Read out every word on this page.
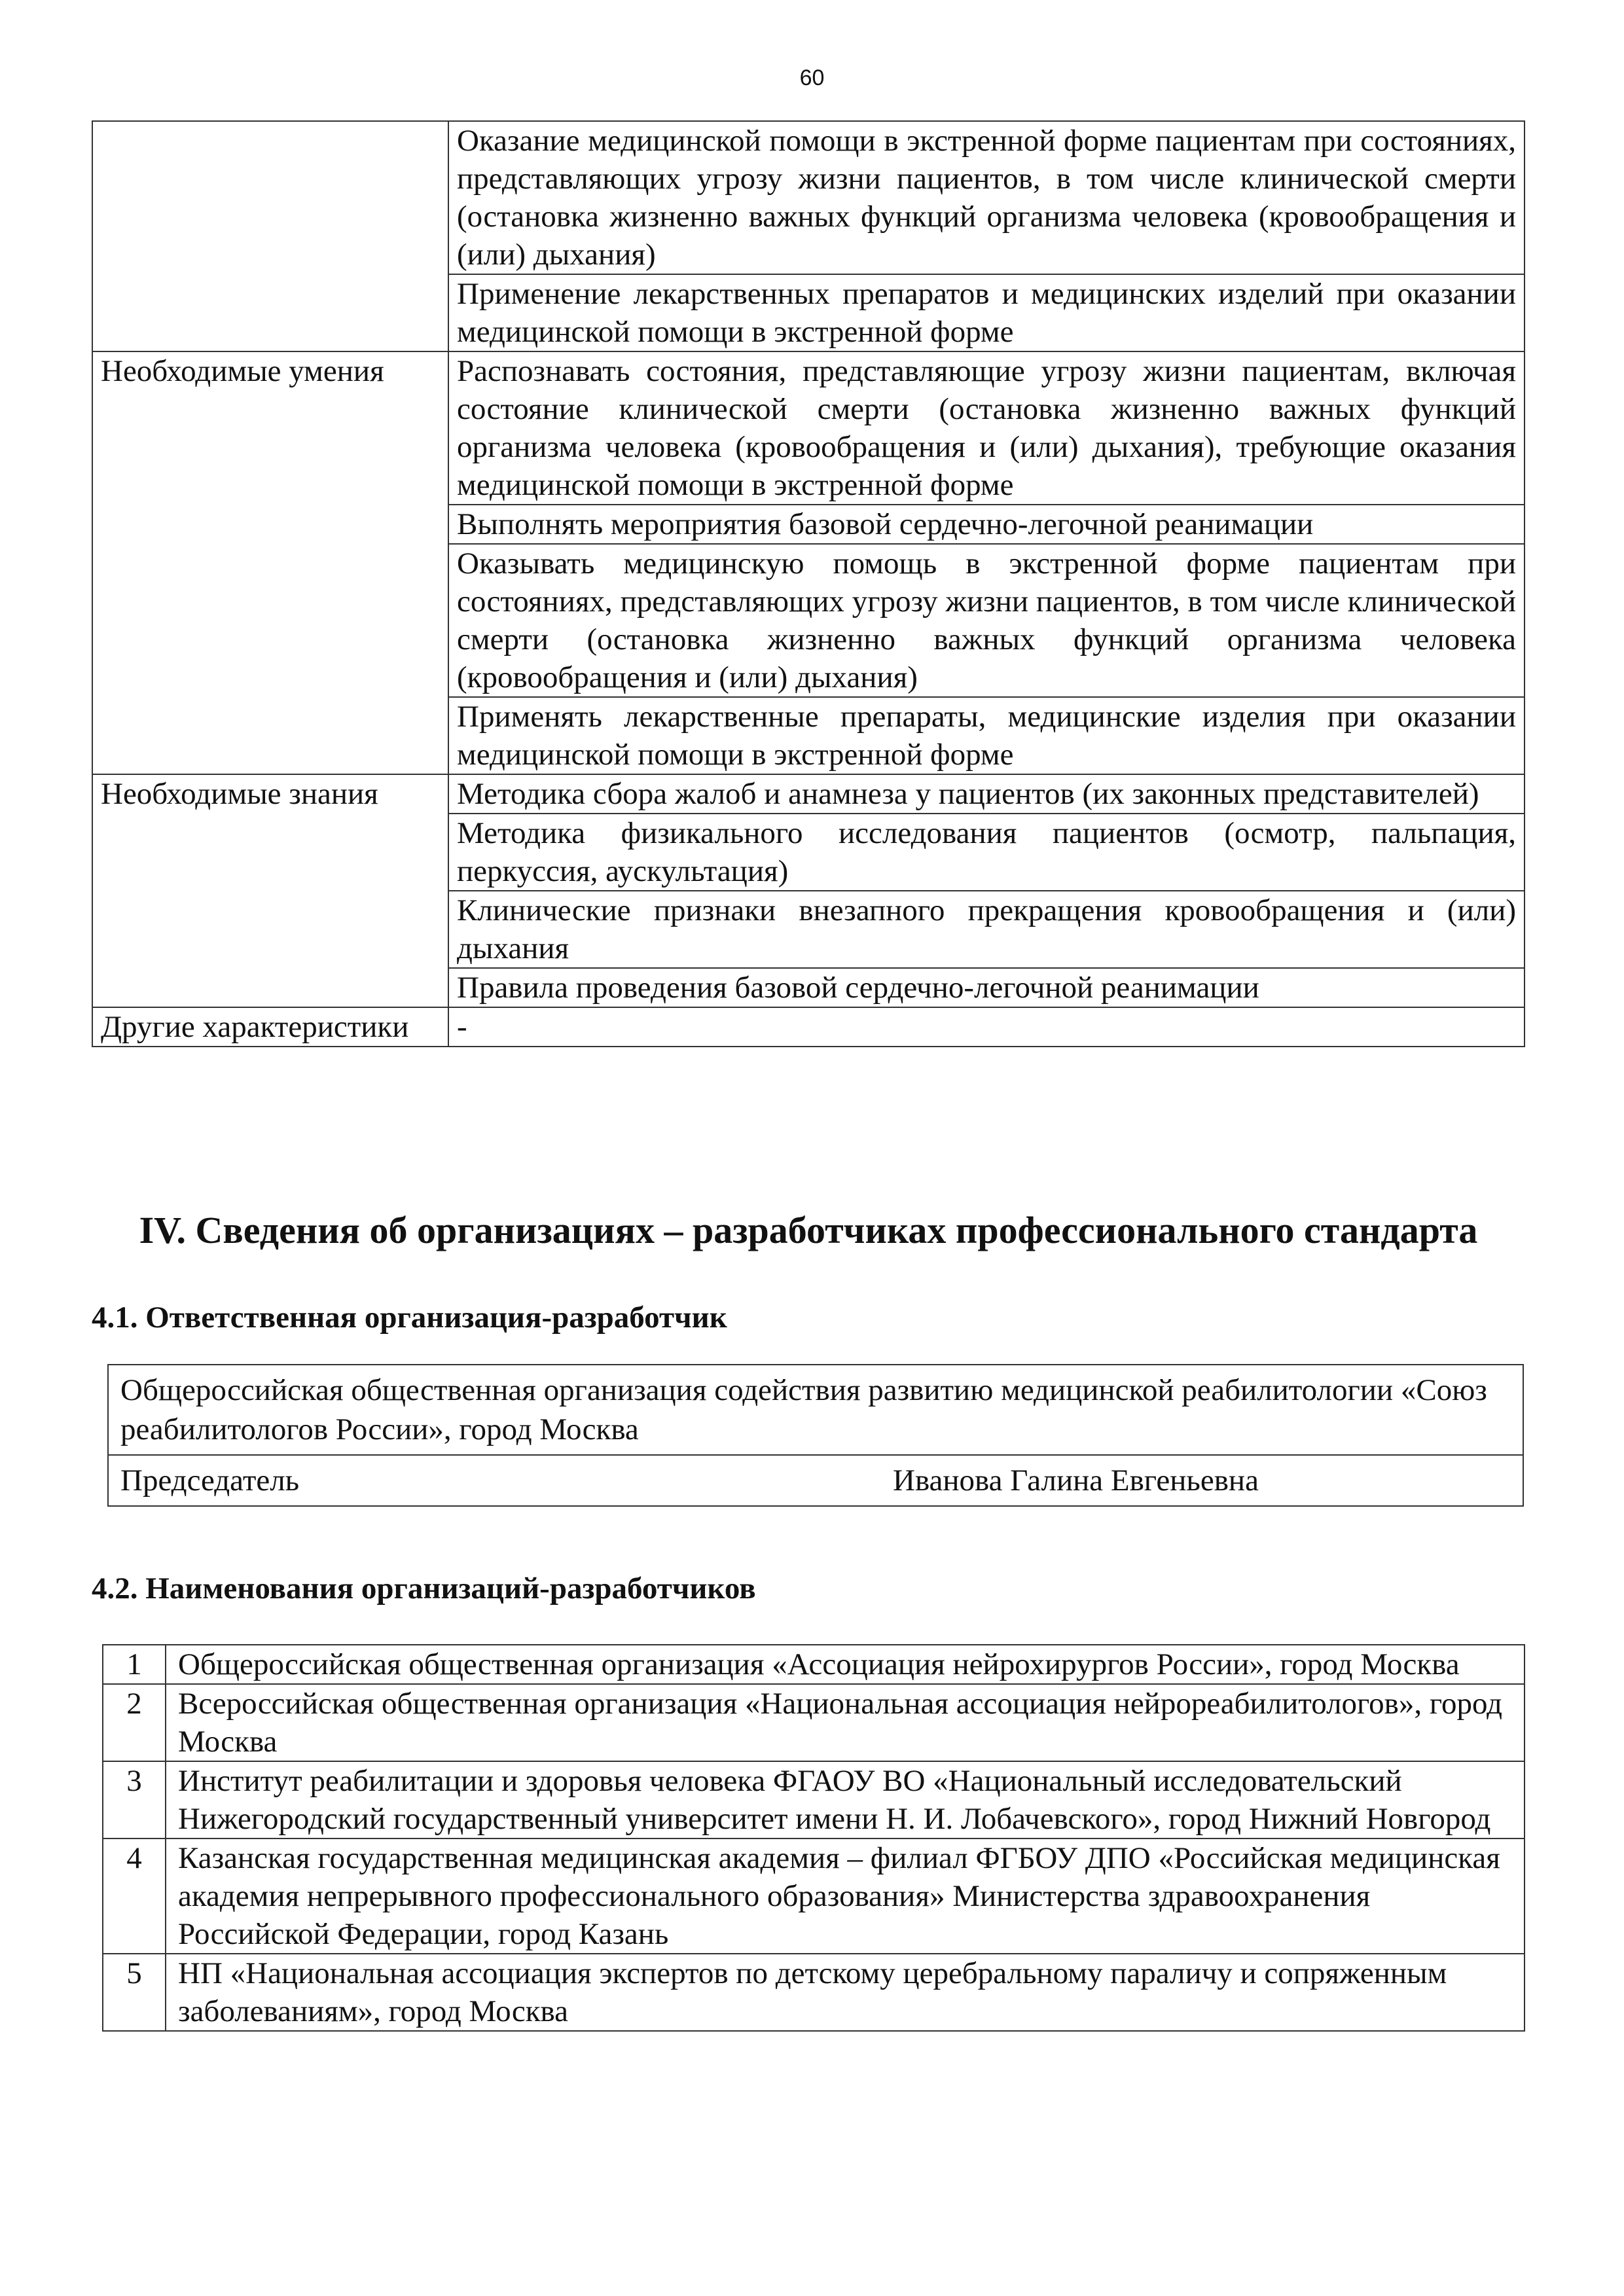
60
	Оказание медицинской помощи в экстренной форме пациентам при состояниях, представляющих угрозу жизни пациентов, в том числе клинической смерти (остановка жизненно важных функций организма человека (кровообращения и (или) дыхания)
	Применение лекарственных препаратов и медицинских изделий при оказании медицинской помощи в экстренной форме
Необходимые умения	Распознавать состояния, представляющие угрозу жизни пациентам, включая состояние клинической смерти (остановка жизненно важных функций организма человека (кровообращения и (или) дыхания), требующие оказания медицинской помощи в экстренной форме
	Выполнять мероприятия базовой сердечно-легочной реанимации
	Оказывать медицинскую помощь в экстренной форме пациентам при состояниях, представляющих угрозу жизни пациентов, в том числе клинической смерти (остановка жизненно важных функций организма человека (кровообращения и (или) дыхания)
	Применять лекарственные препараты, медицинские изделия при оказании медицинской помощи в экстренной форме
Необходимые знания	Методика сбора жалоб и анамнеза у пациентов (их законных представителей)
	Методика физикального исследования пациентов (осмотр, пальпация, перкуссия, аускультация)
	Клинические признаки внезапного прекращения кровообращения и (или) дыхания
	Правила проведения базовой сердечно-легочной реанимации
Другие характеристики	-
IV. Сведения об организациях – разработчиках профессионального стандарта
4.1. Ответственная организация-разработчик
Общероссийская общественная организация содействия развитию медицинской реабилитологии «Союз реабилитологов России», город Москва

Председатель	Иванова Галина Евгеньевна
4.2. Наименования организаций-разработчиков
1	Общероссийская общественная организация «Ассоциация нейрохирургов России», город Москва
2	Всероссийская общественная организация «Национальная ассоциация нейрореабилитологов», город Москва
3	Институт реабилитации и здоровья человека ФГАОУ ВО «Национальный исследовательский Нижегородский государственный университет имени Н. И. Лобачевского», город Нижний Новгород
4	Казанская государственная медицинская академия – филиал ФГБОУ ДПО «Российская медицинская академия непрерывного профессионального образования» Министерства здравоохранения Российской Федерации, город Казань
5	НП «Национальная ассоциация экспертов по детскому церебральному параличу и сопряженным заболеваниям», город Москва
